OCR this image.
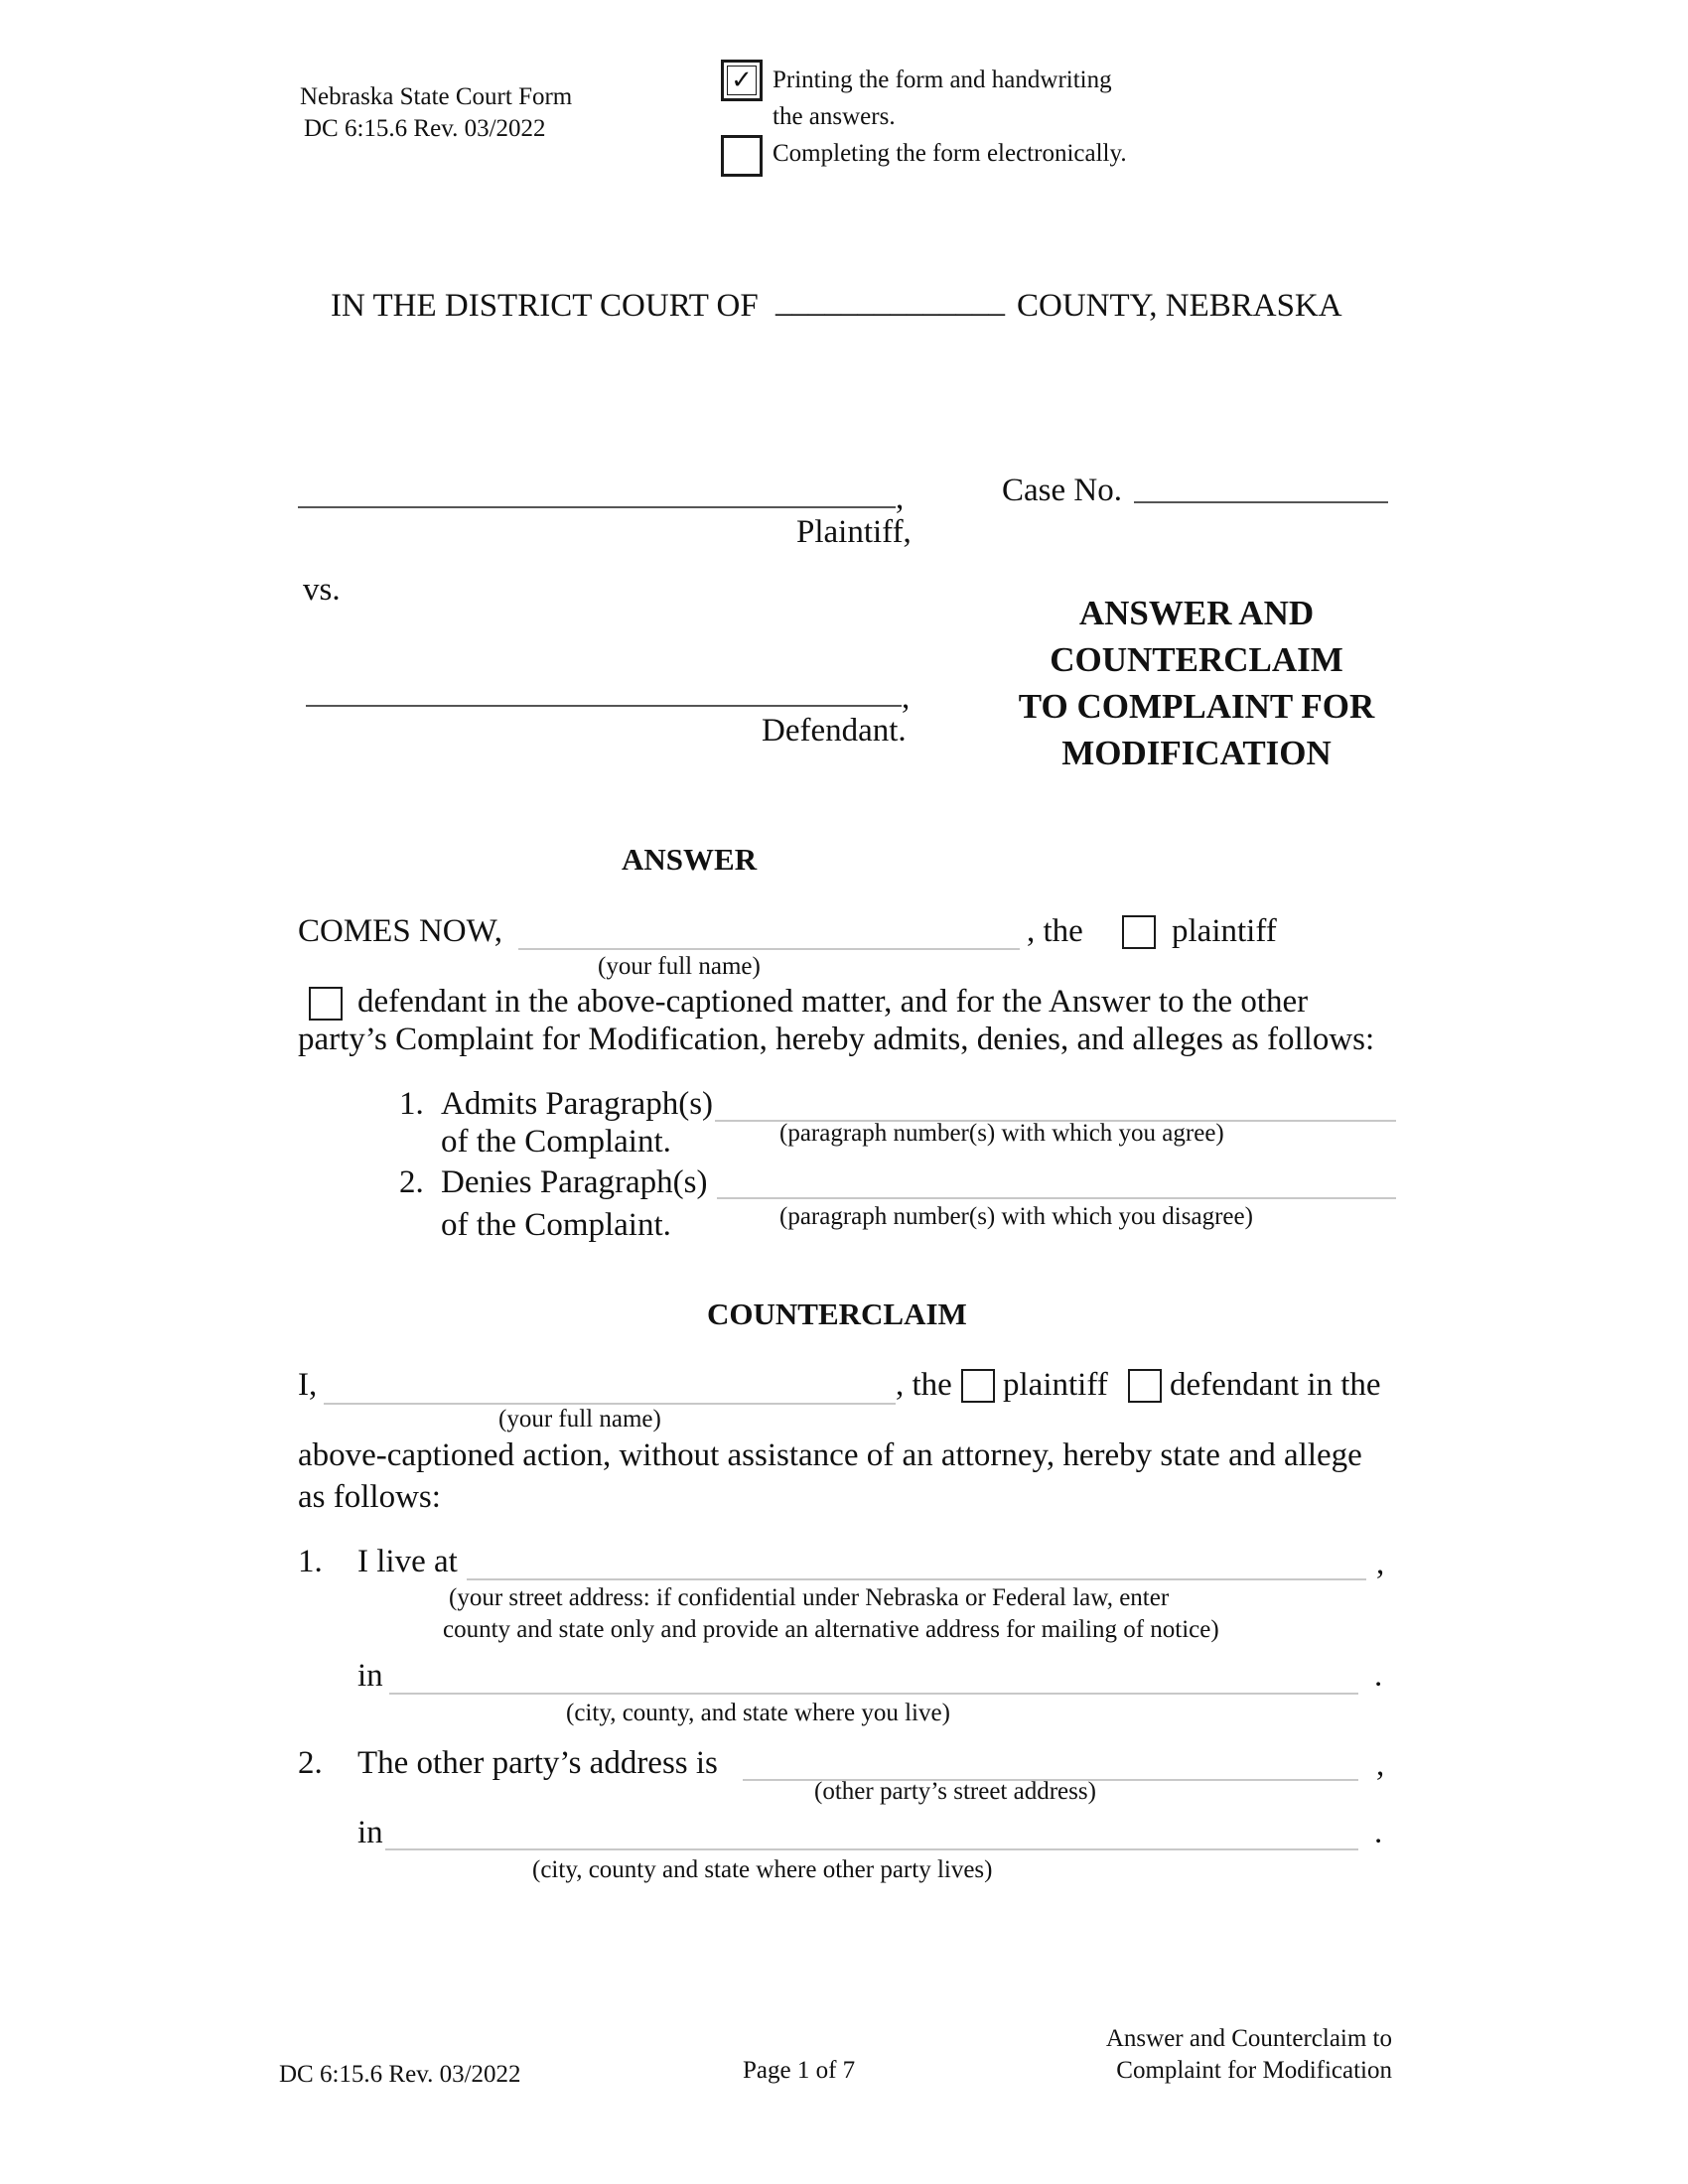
Nebraska State Court Form
DC 6:15.6 Rev. 03/2022
✓ Printing the form and handwriting
the answers.
Completing the form electronically.
IN THE DISTRICT COURT OF ______________ COUNTY, NEBRASKA
,
Plaintiff,
vs.
,
Defendant.
Case No.
ANSWER AND
COUNTERCLAIM
TO COMPLAINT FOR
MODIFICATION
ANSWER
COMES NOW,	, the	plaintiff
(your full name)
defendant in the above-captioned matter, and for the Answer to the other
party’s Complaint for Modification, hereby admits, denies, and alleges as follows:
1. Admits Paragraph(s)
of the Complaint.	(paragraph number(s) with which you agree)
2. Denies Paragraph(s)
of the Complaint.	(paragraph number(s) with which you disagree)
COUNTERCLAIM
I,	, the plaintiff defendant in the
(your full name)
above-captioned action, without assistance of an attorney, hereby state and allege
as follows:
1. I live at	,
(your street address: if confidential under Nebraska or Federal law, enter
county and state only and provide an alternative address for mailing of notice)
in	.
(city, county, and state where you live)
2. The other party’s address is	,
(other party’s street address)
in	.
(city, county and state where other party lives)
DC 6:15.6 Rev. 03/2022	Page 1 of 7
Answer and Counterclaim to
Complaint for Modification
